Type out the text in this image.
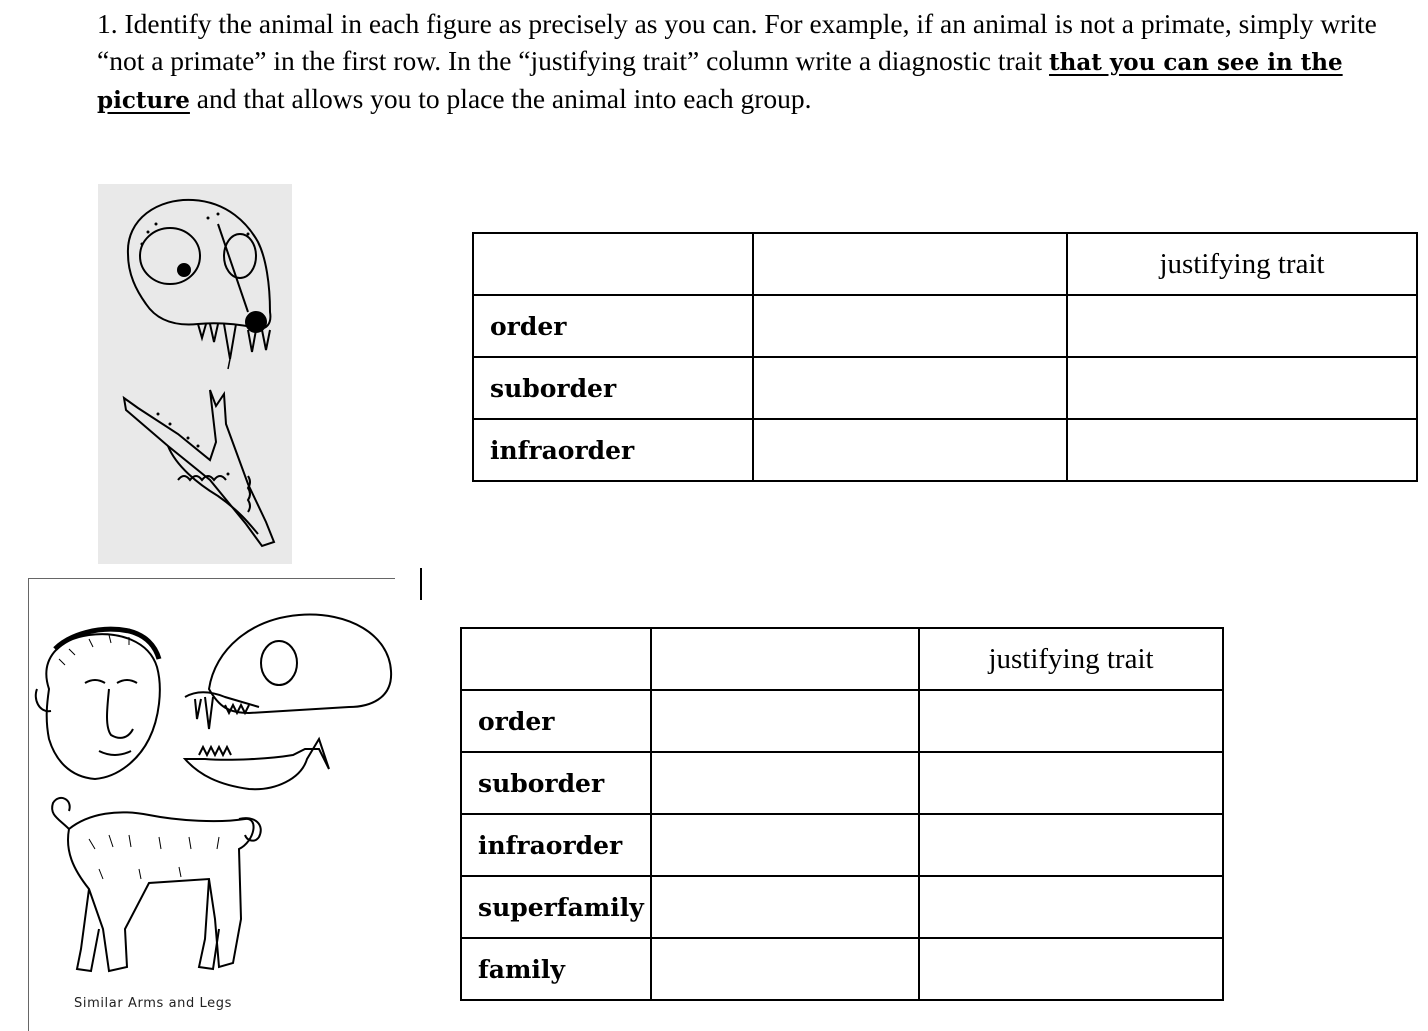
1. Identify the animal in each figure as precisely as you can. For example, if an animal is not a primate, simply write “not a primate” in the first row. In the “justifying trait” column write a diagnostic trait that you can see in the picture and that allows you to place the animal into each group.

Similar Arms and Legs
		justifying trait
order		
suborder		
infraorder		
		justifying trait
order		
suborder		
infraorder		
superfamily		
family		
